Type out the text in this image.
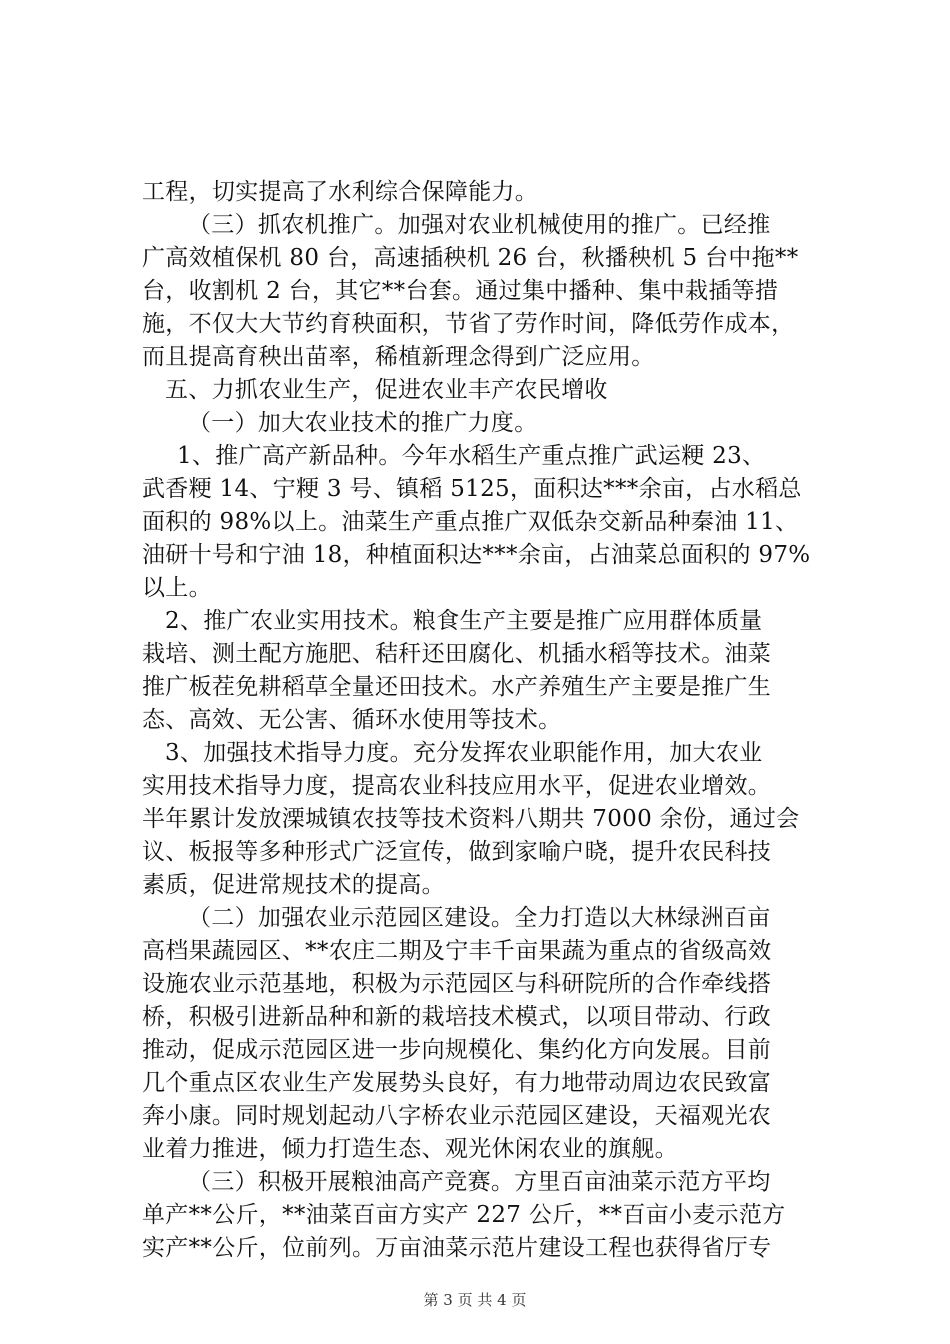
工程，切实提高了水利综合保障能力。
（三）抓农机推广。加强对农业机械使用的推广。已经推
广高效植保机 80 台，高速插秧机 26 台，秋播秧机 5 台中拖**
台，收割机 2 台，其它**台套。通过集中播种、集中栽插等措
施，不仅大大节约育秧面积，节省了劳作时间，降低劳作成本，
而且提高育秧出苗率，稀植新理念得到广泛应用。
五、力抓农业生产，促进农业丰产农民增收
（一）加大农业技术的推广力度。
1、推广高产新品种。今年水稻生产重点推广武运粳 23、
武香粳 14、宁粳 3 号、镇稻 5125，面积达***余亩，占水稻总
面积的 98%以上。油菜生产重点推广双低杂交新品种秦油 11、
油研十号和宁油 18，种植面积达***余亩，占油菜总面积的 97%
以上。
2、推广农业实用技术。粮食生产主要是推广应用群体质量
栽培、测土配方施肥、秸秆还田腐化、机插水稻等技术。油菜
推广板茬免耕稻草全量还田技术。水产养殖生产主要是推广生
态、高效、无公害、循环水使用等技术。
3、加强技术指导力度。充分发挥农业职能作用，加大农业
实用技术指导力度，提高农业科技应用水平，促进农业增效。
半年累计发放溧城镇农技等技术资料八期共 7000 余份，通过会
议、板报等多种形式广泛宣传，做到家喻户晓，提升农民科技
素质，促进常规技术的提高。
（二）加强农业示范园区建设。全力打造以大林绿洲百亩
高档果蔬园区、**农庄二期及宁丰千亩果蔬为重点的省级高效
设施农业示范基地，积极为示范园区与科研院所的合作牵线搭
桥，积极引进新品种和新的栽培技术模式，以项目带动、行政
推动，促成示范园区进一步向规模化、集约化方向发展。目前
几个重点区农业生产发展势头良好，有力地带动周边农民致富
奔小康。同时规划起动八字桥农业示范园区建设，天福观光农
业着力推进，倾力打造生态、观光休闲农业的旗舰。
（三）积极开展粮油高产竞赛。方里百亩油菜示范方平均
单产**公斤，**油菜百亩方实产 227 公斤，**百亩小麦示范方
实产**公斤，位前列。万亩油菜示范片建设工程也获得省厅专
第 3 页 共 4 页
